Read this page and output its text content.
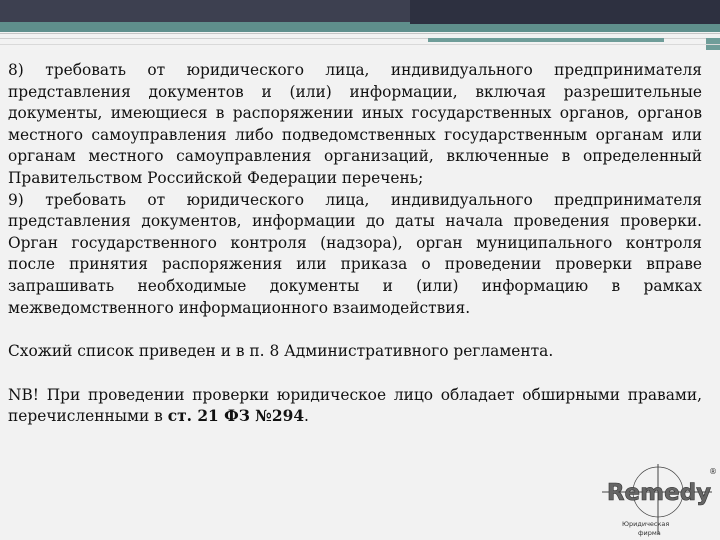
8) требовать от юридического лица, индивидуального предпринимателя представления документов и (или) информации, включая разрешительные документы, имеющиеся в распоряжении иных государственных органов, органов местного самоуправления либо подведомственных государственным органам или органам местного самоуправления организаций, включенные в определенный Правительством Российской Федерации перечень;

9) требовать от юридического лица, индивидуального предпринимателя представления документов, информации до даты начала проведения проверки. Орган государственного контроля (надзора), орган муниципального контроля после принятия распоряжения или приказа о проведении проверки вправе запрашивать необходимые документы и (или) информацию в рамках межведомственного информационного взаимодействия.

Схожий список приведен и в п. 8 Административного регламента.

NB! При проведении проверки юридическое лицо обладает обширными правами, перечисленными в ст. 21 ФЗ №294.

Remedy
®
Юридическая
фирма
